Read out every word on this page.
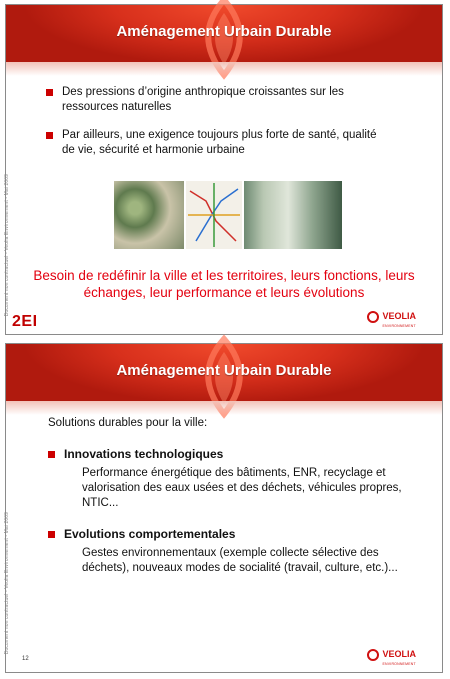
Aménagement Urbain Durable
Document non contractuel - Veolia Environnement - Mai 2009
Des pressions d’origine anthropique croissantes sur les ressources naturelles
Par ailleurs, une exigence toujours plus forte de santé, qualité de vie, sécurité et harmonie urbaine
Besoin de redéfinir la ville et les territoires, leurs fonctions, leurs échanges, leur performance et leurs évolutions
2EI	VEOLIA
ENVIRONNEMENT
Aménagement Urbain Durable
Document non contractuel - Veolia Environnement - Mai 2009
Solutions durables pour la ville:
Innovations technologiques
Performance énergétique des bâtiments, ENR, recyclage et valorisation des eaux usées et des déchets, véhicules propres, NTIC...
Evolutions comportementales
Gestes environnementaux (exemple collecte sélective des déchets), nouveaux modes de socialité (travail, culture, etc.)...
12	VEOLIA
ENVIRONNEMENT
